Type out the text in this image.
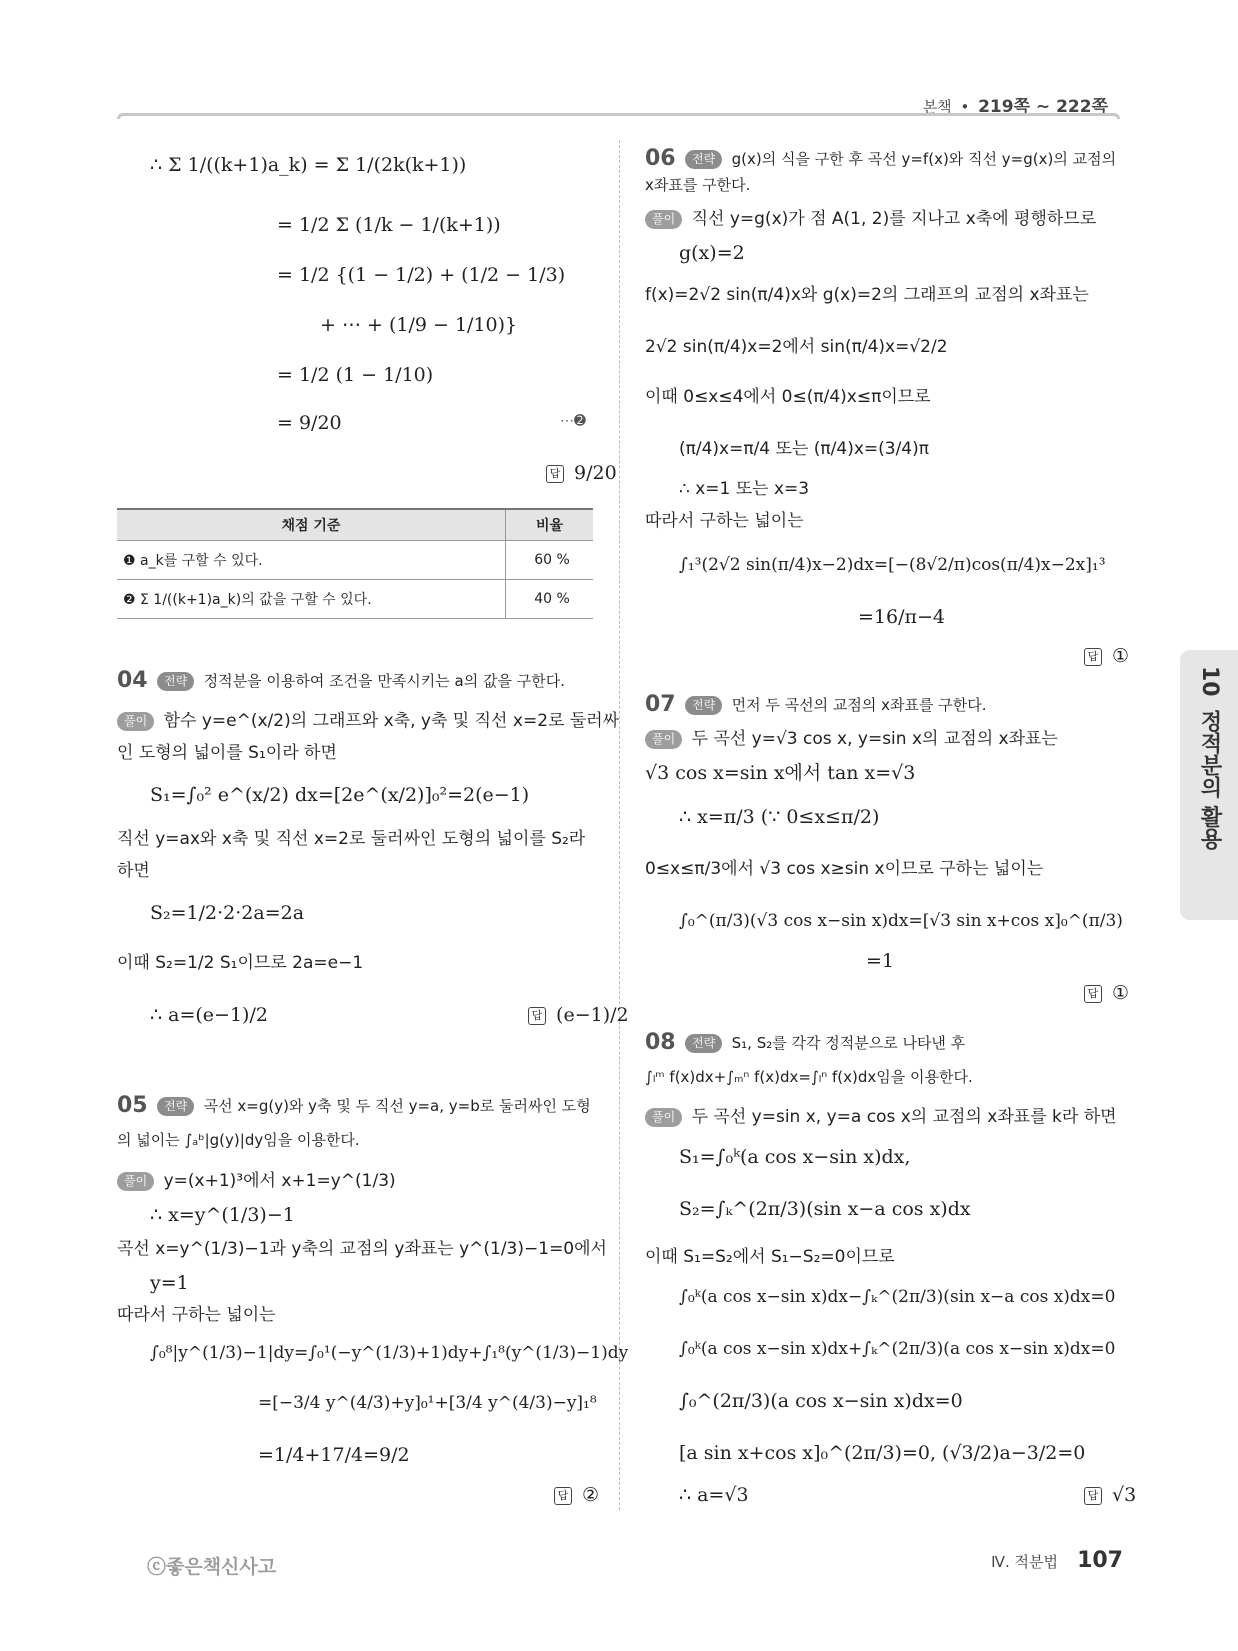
본책 • 219쪽 ~ 222쪽
10 정적분의 활용
∴ Σ 1/((k+1)a_k) = Σ 1/(2k(k+1))
= 1/2 Σ (1/k − 1/(k+1))
= 1/2 {(1 − 1/2) + (1/2 − 1/3)
+ ⋯ + (1/9 − 1/10)}
= 1/2 (1 − 1/10)
= 9/20	⋯➋
답 9/20
채점 기준	비율
❶ a_k를 구할 수 있다.	60 %
❷ Σ 1/((k+1)a_k)의 값을 구할 수 있다.	40 %
04 전략 정적분을 이용하여 조건을 만족시키는 a의 값을 구한다.
풀이 함수 y=e^(x/2)의 그래프와 x축, y축 및 직선 x=2로 둘러싸
인 도형의 넓이를 S₁이라 하면
S₁=∫₀² e^(x/2) dx=[2e^(x/2)]₀²=2(e−1)
직선 y=ax와 x축 및 직선 x=2로 둘러싸인 도형의 넓이를 S₂라
하면
S₂=1/2·2·2a=2a
이때 S₂=1/2 S₁이므로 2a=e−1
∴ a=(e−1)/2	답 (e−1)/2
05 전략 곡선 x=g(y)와 y축 및 두 직선 y=a, y=b로 둘러싸인 도형
의 넓이는 ∫ₐᵇ|g(y)|dy임을 이용한다.
풀이 y=(x+1)³에서 x+1=y^(1/3)
∴ x=y^(1/3)−1
곡선 x=y^(1/3)−1과 y축의 교점의 y좌표는 y^(1/3)−1=0에서
y=1
따라서 구하는 넓이는
∫₀⁸|y^(1/3)−1|dy=∫₀¹(−y^(1/3)+1)dy+∫₁⁸(y^(1/3)−1)dy
=[−3/4 y^(4/3)+y]₀¹+[3/4 y^(4/3)−y]₁⁸
=1/4+17/4=9/2
답 ②
06 전략 g(x)의 식을 구한 후 곡선 y=f(x)와 직선 y=g(x)의 교점의
x좌표를 구한다.
풀이 직선 y=g(x)가 점 A(1, 2)를 지나고 x축에 평행하므로
g(x)=2
f(x)=2√2 sin(π/4)x와 g(x)=2의 그래프의 교점의 x좌표는
2√2 sin(π/4)x=2에서 sin(π/4)x=√2/2
이때 0≤x≤4에서 0≤(π/4)x≤π이므로
(π/4)x=π/4 또는 (π/4)x=(3/4)π
∴ x=1 또는 x=3
따라서 구하는 넓이는
∫₁³(2√2 sin(π/4)x−2)dx=[−(8√2/π)cos(π/4)x−2x]₁³
=16/π−4
답 ①
07 전략 먼저 두 곡선의 교점의 x좌표를 구한다.
풀이 두 곡선 y=√3 cos x, y=sin x의 교점의 x좌표는
√3 cos x=sin x에서 tan x=√3
∴ x=π/3 (∵ 0≤x≤π/2)
0≤x≤π/3에서 √3 cos x≥sin x이므로 구하는 넓이는
∫₀^(π/3)(√3 cos x−sin x)dx=[√3 sin x+cos x]₀^(π/3)
=1
답 ①
08 전략 S₁, S₂를 각각 정적분으로 나타낸 후
∫ₗᵐ f(x)dx+∫ₘⁿ f(x)dx=∫ₗⁿ f(x)dx임을 이용한다.
풀이 두 곡선 y=sin x, y=a cos x의 교점의 x좌표를 k라 하면
S₁=∫₀ᵏ(a cos x−sin x)dx,
S₂=∫ₖ^(2π/3)(sin x−a cos x)dx
이때 S₁=S₂에서 S₁−S₂=0이므로
∫₀ᵏ(a cos x−sin x)dx−∫ₖ^(2π/3)(sin x−a cos x)dx=0
∫₀ᵏ(a cos x−sin x)dx+∫ₖ^(2π/3)(a cos x−sin x)dx=0
∫₀^(2π/3)(a cos x−sin x)dx=0
[a sin x+cos x]₀^(2π/3)=0, (√3/2)a−3/2=0
∴ a=√3	답 √3
ⓒ좋은책신사고	Ⅳ. 적분법 107
